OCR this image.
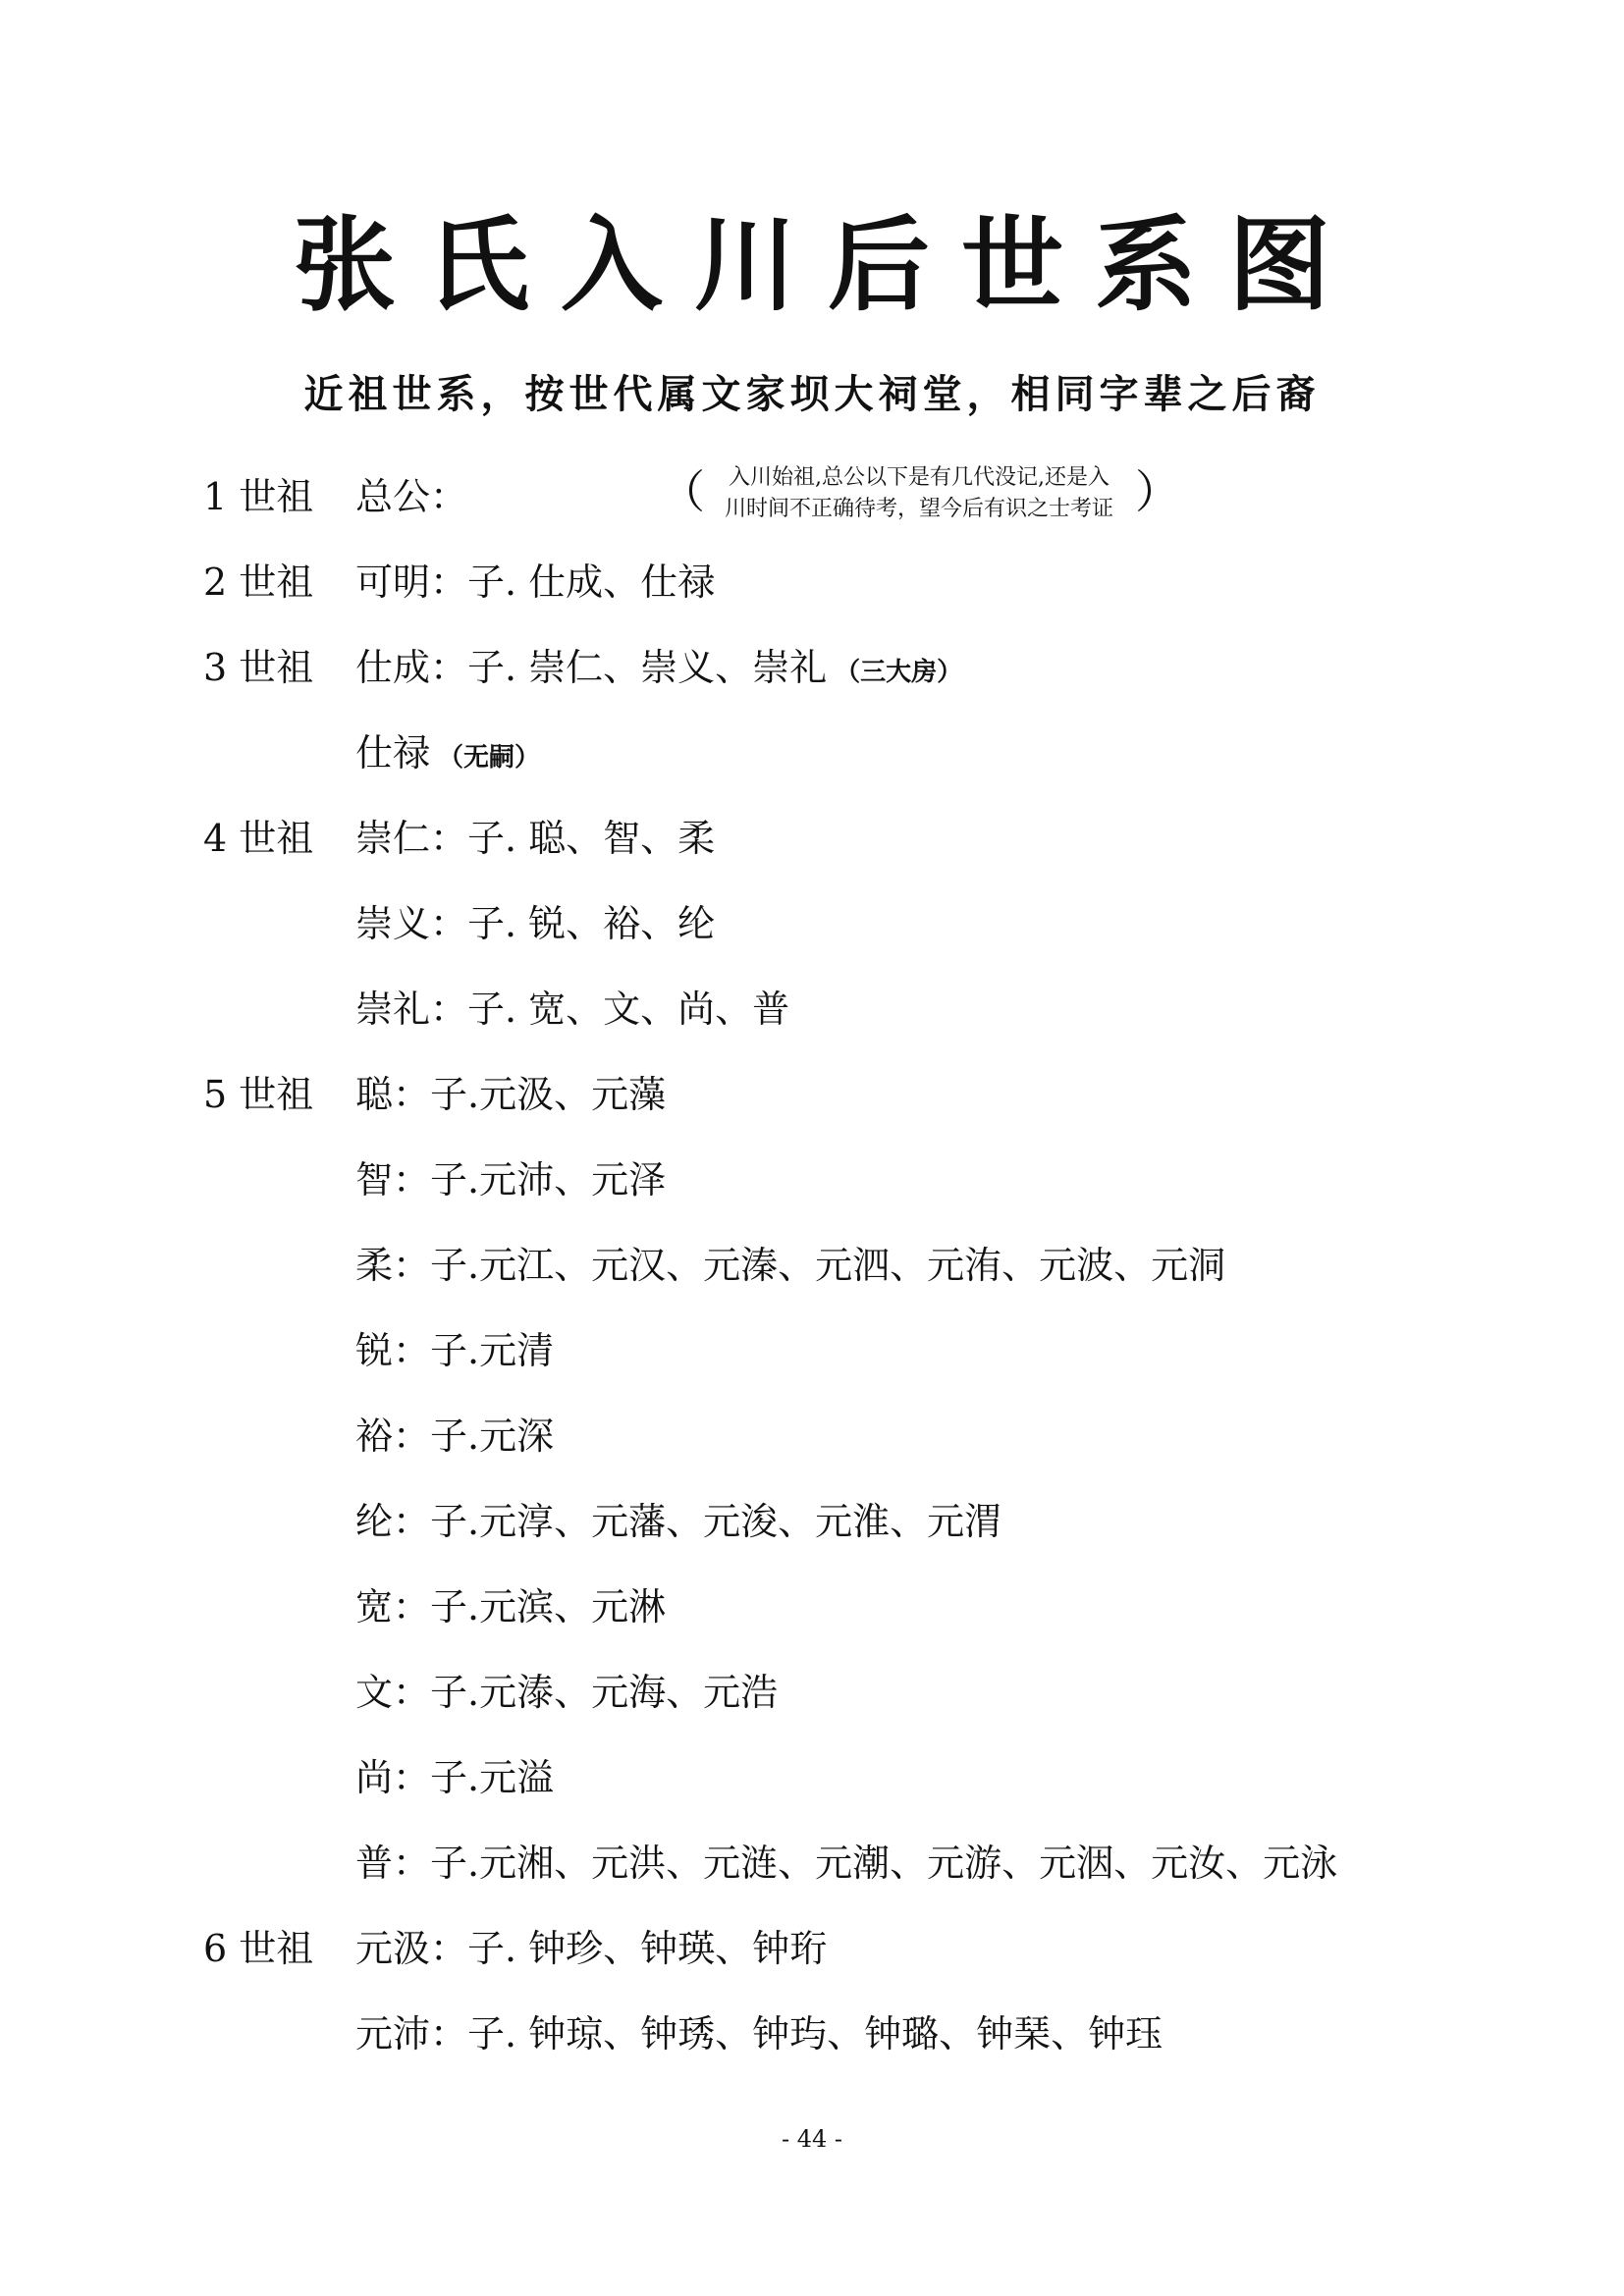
张氏入川后世系图
近祖世系，按世代属文家坝大祠堂，相同字辈之后裔
（	入川始祖,总公以下是有几代没记,还是入
川时间不正确待考，望今后有识之士考证 ）
1 世祖 总公：
2 世祖 可明：子. 仕成、仕禄
3 世祖 仕成：子. 崇仁、崇义、崇礼 （三大房）
仕禄 （无嗣）
4 世祖 崇仁：子. 聪、智、柔
崇义：子. 锐、裕、纶
崇礼：子. 宽、文、尚、普
5 世祖 聪：子.元汲、元藻
智：子.元沛、元泽
柔：子.元江、元汉、元溱、元泗、元洧、元波、元洞
锐：子.元清
裕：子.元深
纶：子.元淳、元藩、元浚、元淮、元渭
宽：子.元滨、元淋
文：子.元溙、元海、元浩
尚：子.元溢
普：子.元湘、元洪、元涟、元潮、元游、元洇、元汝、元泳
6 世祖 元汲：子. 钟珍、钟瑛、钟珩
元沛：子. 钟琼、钟琇、钟玙、钟璐、钟琹、钟珏
- 44 -
